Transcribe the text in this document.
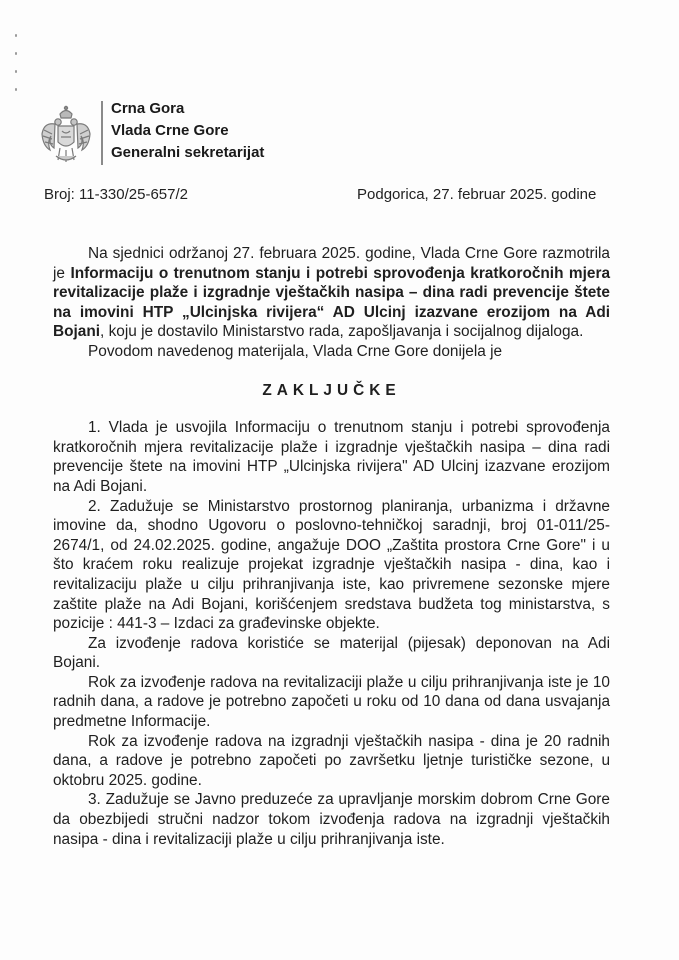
Crna Gora
Vlada Crne Gore
Generalni sekretarijat
Broj: 11-330/25-657/2	Podgorica, 27. februar 2025. godine

Na sjednici održanoj 27. februara 2025. godine, Vlada Crne Gore razmotrila je Informaciju o trenutnom stanju i potrebi sprovođenja kratkoročnih mjera revitalizacije plaže i izgradnje vještačkih nasipa – dina radi prevencije štete na imovini HTP „Ulcinjska rivijera“ AD Ulcinj izazvane erozijom na Adi Bojani, koju je dostavilo Ministarstvo rada, zapošljavanja i socijalnog dijaloga.

Povodom navedenog materijala, Vlada Crne Gore donijela je

ZAKLJUČKE

1. Vlada je usvojila Informaciju o trenutnom stanju i potrebi sprovođenja kratkoročnih mjera revitalizacije plaže i izgradnje vještačkih nasipa – dina radi prevencije štete na imovini HTP „Ulcinjska rivijera" AD Ulcinj izazvane erozijom na Adi Bojani.

2. Zadužuje se Ministarstvo prostornog planiranja, urbanizma i državne imovine da, shodno Ugovoru o poslovno-tehničkoj saradnji, broj 01-011/25-2674/1, od 24.02.2025. godine, angažuje DOO „Zaštita prostora Crne Gore" i u što kraćem roku realizuje projekat izgradnje vještačkih nasipa - dina, kao i revitalizaciju plaže u cilju prihranjivanja iste, kao privremene sezonske mjere zaštite plaže na Adi Bojani, korišćenjem sredstava budžeta tog ministarstva, s pozicije : 441-3 – Izdaci za građevinske objekte.

Za izvođenje radova koristiće se materijal (pijesak) deponovan na Adi Bojani.

Rok za izvođenje radova na revitalizaciji plaže u cilju prihranjivanja iste je 10 radnih dana, a radove je potrebno započeti u roku od 10 dana od dana usvajanja predmetne Informacije.

Rok za izvođenje radova na izgradnji vještačkih nasipa - dina je 20 radnih dana, a radove je potrebno započeti po završetku ljetnje turističke sezone, u oktobru 2025. godine.

3. Zadužuje se Javno preduzeće za upravljanje morskim dobrom Crne Gore da obezbijedi stručni nadzor tokom izvođenja radova na izgradnji vještačkih nasipa - dina i revitalizaciji plaže u cilju prihranjivanja iste.
